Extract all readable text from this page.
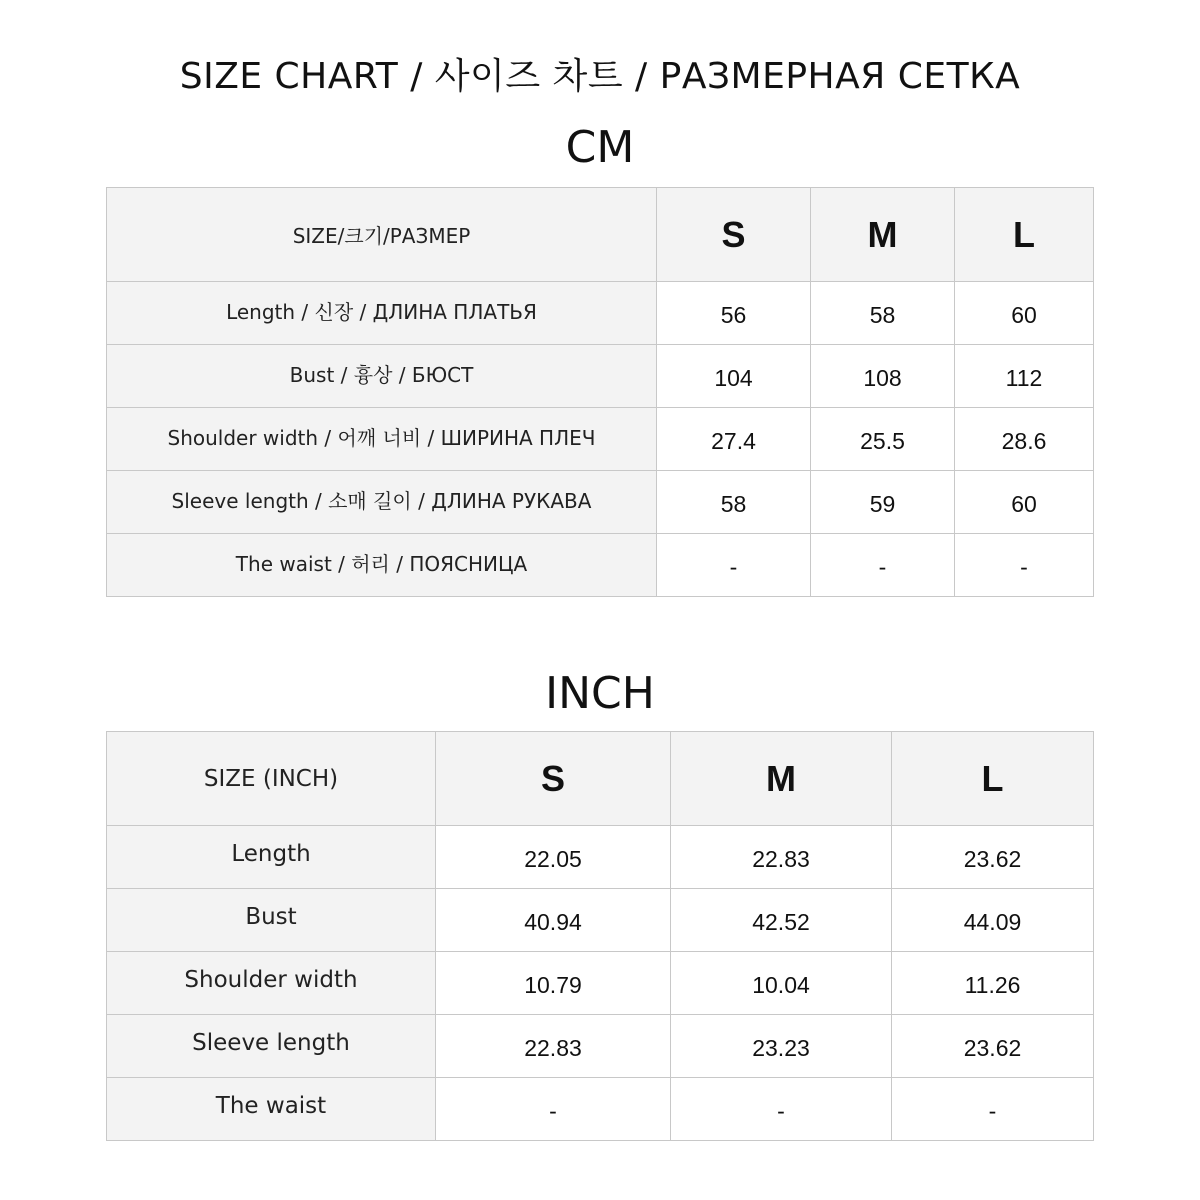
SIZE CHART / 사이즈 차트 / РАЗМЕРНАЯ СЕТКА
CM
SIZE/크기/РАЗМЕР	S	M	L
Length / 신장 / ДЛИНА ПЛАТЬЯ	56	58	60
Bust / 흉상 / БЮСТ	104	108	112
Shoulder width / 어깨 너비 / ШИРИНА ПЛЕЧ	27.4	25.5	28.6
Sleeve length / 소매 길이 / ДЛИНА РУКАВА	58	59	60
The waist / 허리 / ПОЯСНИЦА	-	-	-
INCH
SIZE (INCH)	S	M	L
Length	22.05	22.83	23.62
Bust	40.94	42.52	44.09
Shoulder width	10.79	10.04	11.26
Sleeve length	22.83	23.23	23.62
The waist	-	-	-
